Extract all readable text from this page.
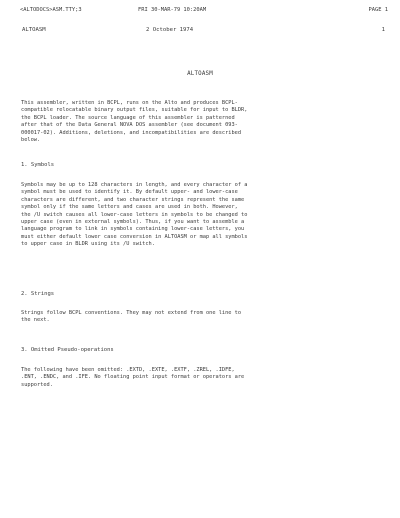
<ALTODOCS>ASM.TTY;3	FRI 30-MAR-79 10:20AM	PAGE 1
ALTOASM	2 October 1974	1
ALTOASM

This assembler, written in BCPL, runs on the Alto and produces BCPL-
compatible relocatable binary output files, suitable for input to BLDR,
the BCPL loader. The source language of this assembler is patterned
after that of the Data General NOVA DOS assembler (see document 093-
000017-02). Additions, deletions, and incompatibilities are described
below.

1. Symbols

Symbols may be up to 128 characters in length, and every character of a
symbol must be used to identify it. By default upper- and lower-case
characters are different, and two character strings represent the same
symbol only if the same letters and cases are used in both. However,
the /U switch causes all lower-case letters in symbols to be changed to
upper case (even in external symbols). Thus, if you want to assemble a
language program to link in symbols containing lower-case letters, you
must either default lower case conversion in ALTOASM or map all symbols
to upper case in BLDR using its /U switch.

2. Strings

Strings follow BCPL conventions. They may not extend from one line to
the next.

3. Omitted Pseudo-operations

The following have been omitted: .EXTD, .EXTE, .EXTF, .ZREL, .IDFE,
.ENT, .ENDC, and .IFE. No floating point input format or operators are
supported.
